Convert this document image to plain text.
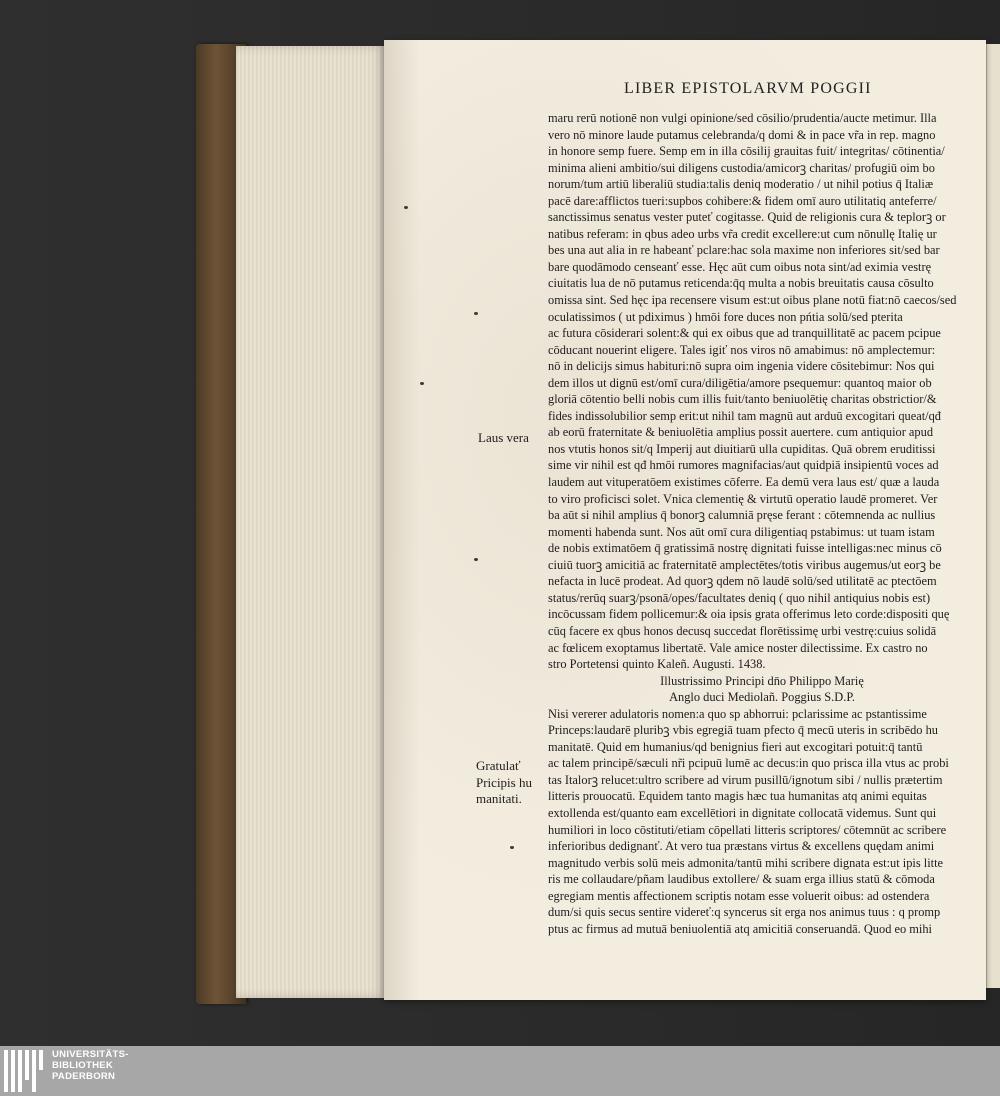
LIBER EPISTOLARVM POGGII
Laus vera
Gratulať
Pricipis hu
manitati.
maru rerū notionē non vulgi opinione/sed cōsilio/prudentia/aucte metimur. Illa
vero nō minore laude putamus celebranda/q domi & in pace vr̃a in rep. magno
in honore semp fuere. Semp em in illa cōsilij grauitas fuit/ integritas/ cōtinentia/
minima alieni ambitio/sui diligens custodia/amicorꝫ charitas/ profugiū oim bo
norum/tum artiū liberaliū studia:talis deniq moderatio / ut nihil potius q̄ Italiæ
pacē dare:afflictos tueri:supbos cohibere:& fidem omī auro utilitatiq anteferre/
sanctissimus senatus vester puteť cogitasse. Quid de religionis cura & teplorꝫ or
natibus referam: in qbus adeo urbs vr̃a credit excellere:ut cum nōnullę Italię ur
bes una aut alia in re habeanť pclare:hac sola maxime non inferiores sit/sed bar
bare quodāmodo censeanť esse. Hęc aūt cum oibus nota sint/ad eximia vestrę
ciuitatis lua de nō putamus reticenda:q̄q multa a nobis breuitatis causa cōsulto
omissa sint. Sed hęc ipa recensere visum est:ut oibus plane notū fiat:nō caecos/sed
oculatissimos ( ut pdiximus ) hmōi fore duces non pńtia solū/sed pterita
ac futura cōsiderari solent:& qui ex oibus que ad tranquillitatē ac pacem pcipue
cōducant nouerint eligere. Tales igiť nos viros nō amabimus: nō amplectemur:
nō in delicijs simus habituri:nō supra oim ingenia videre cōsitebimur: Nos qui
dem illos ut dignū est/omī cura/diligētia/amore psequemur: quantoq maior ob
gloriā cōtentio belli nobis cum illis fuit/tanto beniuolētię charitas obstrictior/&
fides indissolubilior semp erit:ut nihil tam magnū aut arduū excogitari queat/qđ
ab eorū fraternitate & beniuolētia amplius possit auertere. cum antiquior apud
nos vtutis honos sit/q Imperij aut diuitiarū ulla cupiditas. Quā obrem eruditissi
sime vir nihil est qđ hmōi rumores magnifacias/aut quidpiā insipientū voces ad
laudem aut vituperatōem existimes cōferre. Ea demū vera laus est/ quæ a lauda
to viro proficisci solet. Vnica clementię & virtutū operatio laudē promeret. Ver
ba aūt si nihil amplius q̄ bonorꝫ calumniā pręse ferant : cōtemnenda ac nullius
momenti habenda sunt. Nos aūt omī cura diligentiaq pstabimus: ut tuam istam
de nobis extimatōem q̄ gratissimā nostrę dignitati fuisse intelligas:nec minus cō
ciuiū tuorꝫ amicitiā ac fraternitatē amplectētes/totis viribus augemus/ut eorꝫ be
nefacta in lucē prodeat. Ad quorꝫ qdem nō laudē solū/sed utilitatē ac ptectōem
status/rerūq suarꝫ/psonā/opes/facultates deniq ( quo nihil antiquius nobis est)
incōcussam fidem pollicemur:& oia ipsis grata offerimus leto corde:dispositi quę
cūq facere ex qbus honos decusq succedat florētissimę urbi vestrę:cuius solidā
ac fœlicem exoptamus libertatē. Vale amice noster dilectissime. Ex castro no
stro Portetensi quinto Kaleñ. Augusti. 1438.
Illustrissimo Principi dn̄o Philippo Marię
Anglo duci Mediolañ. Poggius S.D.P.
Nisi vererer adulatoris nomen:a quo sp abhorrui: pclarissime ac pstantissime
Princeps:laudarē pluribꝫ vbis egregiā tuam pfecto q̄ mecū uteris in scribēdo hu
manitatē. Quid em humanius/qd benignius fieri aut excogitari potuit:q̄ tantū
ac talem principē/sæculi nr̃i pcipuū lumē ac decus:in quo prisca illa vtus ac probi
tas Italorꝫ relucet:ultro scribere ad virum pusillū/ignotum sibi / nullis prætertim
litteris prouocatū. Equidem tanto magis hæc tua humanitas atq animi equitas
extollenda est/quanto eam excellētiori in dignitate collocatā videmus. Sunt qui
humiliori in loco cōstituti/etiam cōpellati litteris scriptores/ cōtemnūt ac scribere
inferioribus dedignanť. At vero tua præstans virtus & excellens quędam animi
magnitudo verbis solū meis admonita/tantū mihi scribere dignata est:ut ipis litte
ris me collaudare/pñam laudibus extollere/ & suam erga illius statū & cōmoda
egregiam mentis affectionem scriptis notam esse voluerit oibus: ad ostendera
dum/si quis secus sentire videreť:q syncerus sit erga nos animus tuus : q promp
ptus ac firmus ad mutuā beniuolentiā atq amicitiā conseruandā. Quod eo mihi
UNIVERSITÄTS-
BIBLIOTHEK
PADERBORN
